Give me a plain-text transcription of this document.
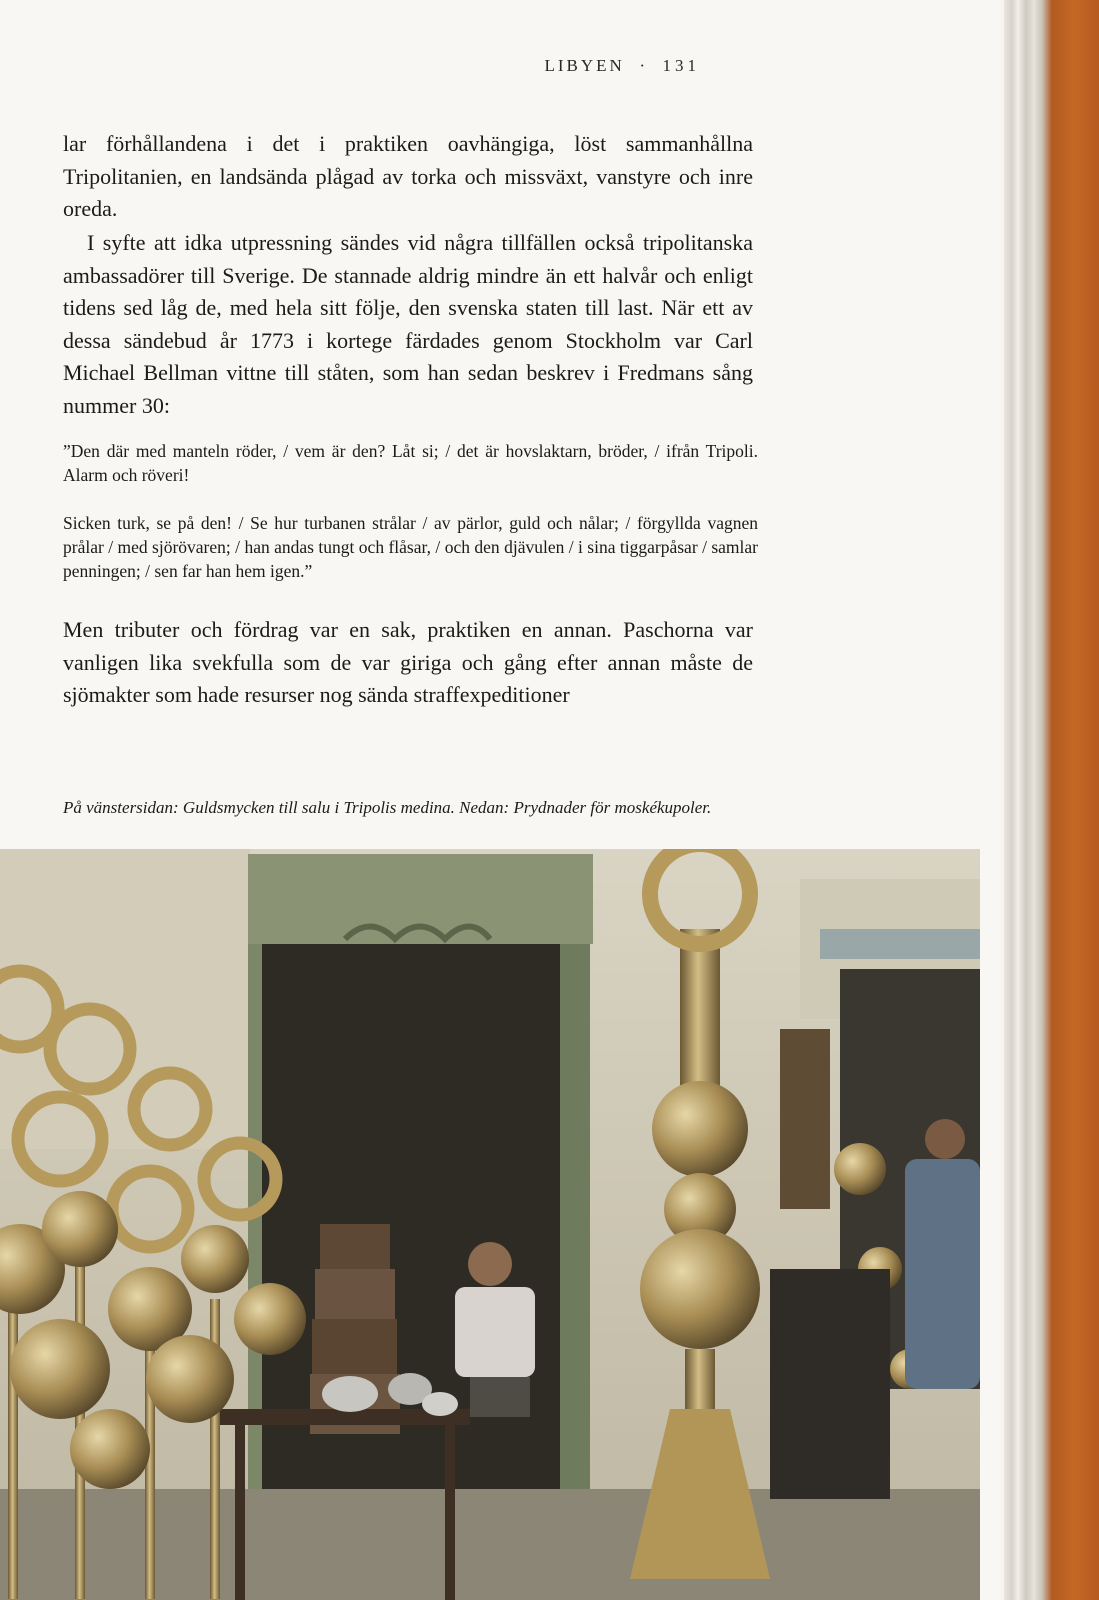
LIBYEN · 131

lar förhållandena i det i praktiken oavhängiga, löst sammanhållna Tripolitanien, en landsända plågad av torka och missväxt, vanstyre och inre oreda.

I syfte att idka utpressning sändes vid några tillfällen också tripolitanska ambassadörer till Sverige. De stannade aldrig mindre än ett halvår och enligt tidens sed låg de, med hela sitt följe, den svenska staten till last. När ett av dessa sändebud år 1773 i kortege färdades genom Stockholm var Carl Michael Bellman vittne till ståten, som han sedan beskrev i Fredmans sång nummer 30:

”Den där med manteln röder, / vem är den? Låt si; / det är hovslaktarn, bröder, / ifrån Tripoli. Alarm och röveri!

Sicken turk, se på den! / Se hur turbanen strålar / av pärlor, guld och nålar; / förgyllda vagnen prålar / med sjörövaren; / han andas tungt och flåsar, / och den djävulen / i sina tiggarpåsar / samlar penningen; / sen far han hem igen.”

Men tributer och fördrag var en sak, praktiken en annan. Paschorna var vanligen lika svekfulla som de var giriga och gång efter annan måste de sjömakter som hade resurser nog sända straffexpeditioner

På vänstersidan: Guldsmycken till salu i Tripolis medina. Nedan: Prydnader för moskékupoler.
